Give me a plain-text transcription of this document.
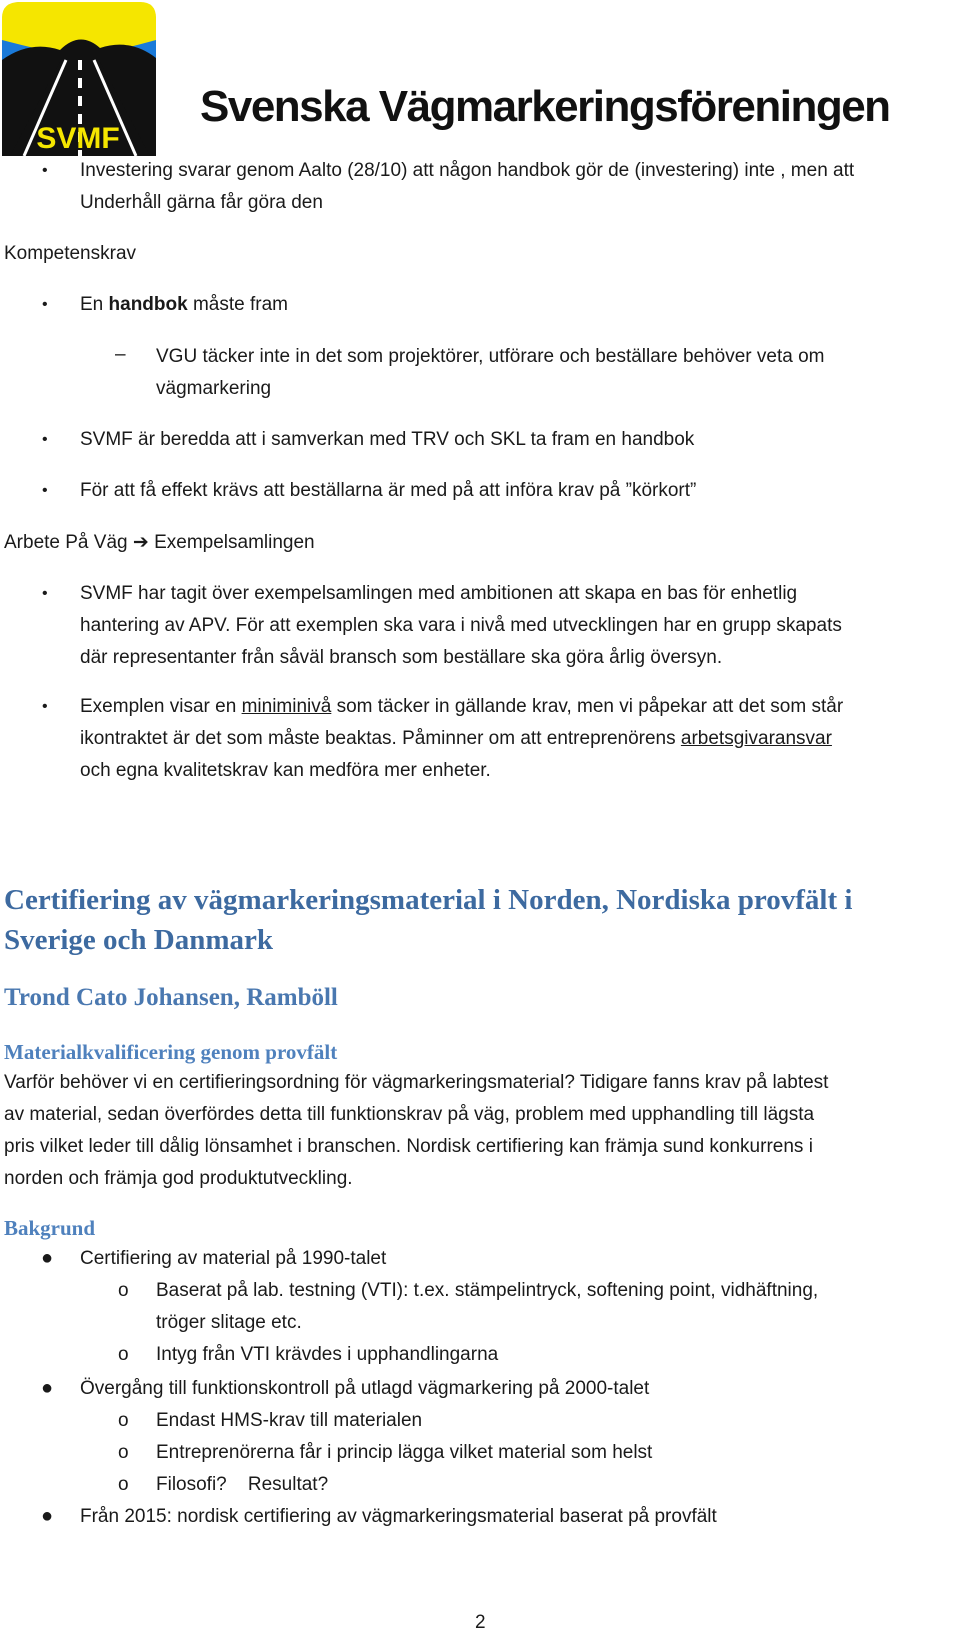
SVMF
Svenska Vägmarkeringsföreningen
• Investering svarar genom Aalto (28/10) att någon handbok gör de (investering) inte , men att
Underhåll gärna får göra den
Kompetenskrav
• En handbok måste fram
– VGU täcker inte in det som projektörer, utförare och beställare behöver veta om
vägmarkering
• SVMF är beredda att i samverkan med TRV och SKL ta fram en handbok
• För att få effekt krävs att beställarna är med på att införa krav på ”körkort”
Arbete På Väg ➔ Exempelsamlingen
• SVMF har tagit över exempelsamlingen med ambitionen att skapa en bas för enhetlig
hantering av APV. För att exemplen ska vara i nivå med utvecklingen har en grupp skapats
där representanter från såväl bransch som beställare ska göra årlig översyn.
• Exemplen visar en miniminivå som täcker in gällande krav, men vi påpekar att det som står
ikontraktet är det som måste beaktas. Påminner om att entreprenörens arbetsgivaransvar
och egna kvalitetskrav kan medföra mer enheter.
Certifiering av vägmarkeringsmaterial i Norden, Nordiska provfält i
Sverige och Danmark
Trond Cato Johansen, Ramböll
Materialkvalificering genom provfält
Varför behöver vi en certifieringsordning för vägmarkeringsmaterial? Tidigare fanns krav på labtest
av material, sedan överfördes detta till funktionskrav på väg, problem med upphandling till lägsta
pris vilket leder till dålig lönsamhet i branschen. Nordisk certifiering kan främja sund konkurrens i
norden och främja god produktutveckling.
Bakgrund
● Certifiering av material på 1990-talet
o Baserat på lab. testning (VTI): t.ex. stämpelintryck, softening point, vidhäftning,
tröger slitage etc.
o Intyg från VTI krävdes i upphandlingarna
● Övergång till funktionskontroll på utlagd vägmarkering på 2000-talet
o Endast HMS-krav till materialen
o Entreprenörerna får i princip lägga vilket material som helst
o Filosofi?    Resultat?
● Från 2015: nordisk certifiering av vägmarkeringsmaterial baserat på provfält
2
